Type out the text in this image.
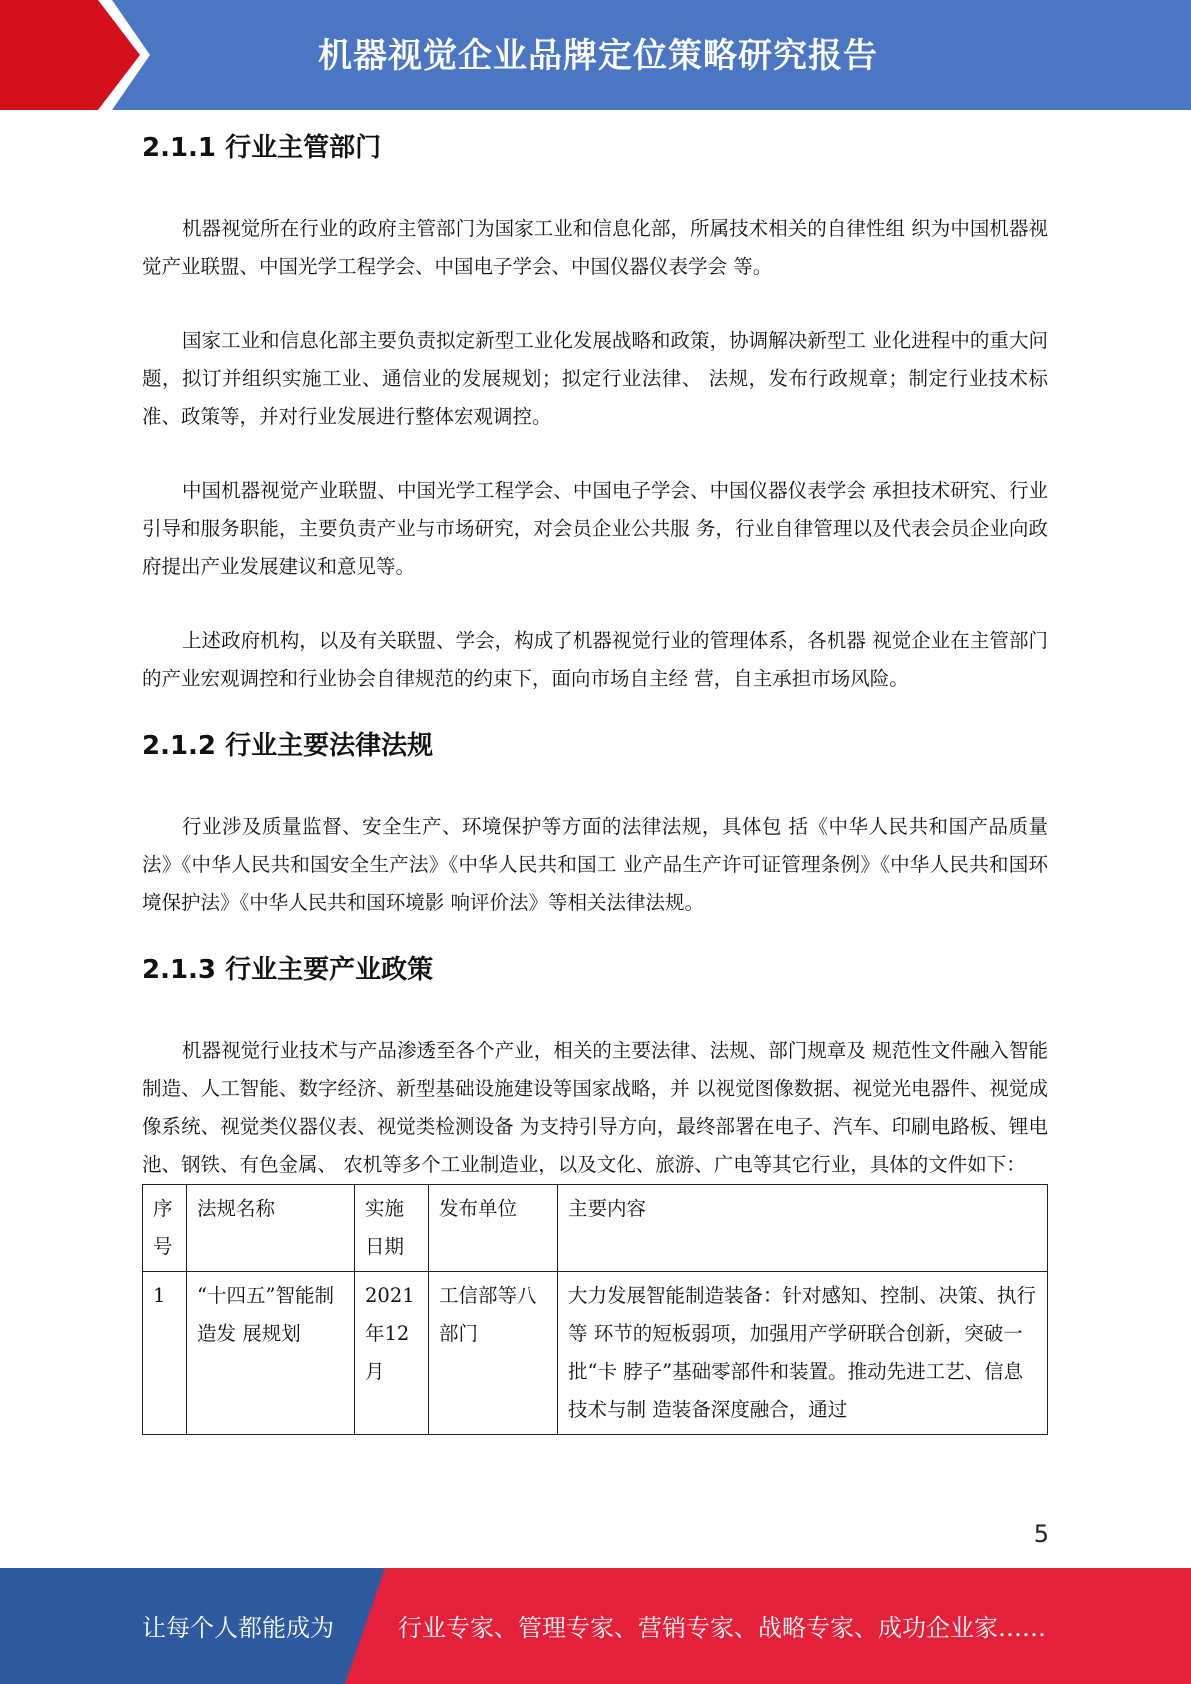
机器视觉企业品牌定位策略研究报告
2.1.1 行业主管部门

机器视觉所在行业的政府主管部门为国家工业和信息化部，所属技术相关的自律性组 织为中国机器视觉产业联盟、中国光学工程学会、中国电子学会、中国仪器仪表学会 等。

国家工业和信息化部主要负责拟定新型工业化发展战略和政策，协调解决新型工 业化进程中的重大问题，拟订并组织实施工业、通信业的发展规划；拟定行业法律、 法规，发布行政规章；制定行业技术标准、政策等，并对行业发展进行整体宏观调控。

中国机器视觉产业联盟、中国光学工程学会、中国电子学会、中国仪器仪表学会 承担技术研究、行业引导和服务职能，主要负责产业与市场研究，对会员企业公共服 务，行业自律管理以及代表会员企业向政府提出产业发展建议和意见等。

上述政府机构，以及有关联盟、学会，构成了机器视觉行业的管理体系，各机器 视觉企业在主管部门的产业宏观调控和行业协会自律规范的约束下，面向市场自主经 营，自主承担市场风险。

2.1.2 行业主要法律法规

行业涉及质量监督、安全生产、环境保护等方面的法律法规，具体包 括《中华人民共和国产品质量法》《中华人民共和国安全生产法》《中华人民共和国工 业产品生产许可证管理条例》《中华人民共和国环境保护法》《中华人民共和国环境影 响评价法》等相关法律法规。

2.1.3 行业主要产业政策

机器视觉行业技术与产品渗透至各个产业，相关的主要法律、法规、部门规章及 规范性文件融入智能制造、人工智能、数字经济、新型基础设施建设等国家战略，并 以视觉图像数据、视觉光电器件、视觉成像系统、视觉类仪器仪表、视觉类检测设备 为支持引导方向，最终部署在电子、汽车、印刷电路板、锂电池、钢铁、有色金属、 农机等多个工业制造业，以及文化、旅游、广电等其它行业，具体的文件如下：

序号	法规名称	实施日期	发布单位	主要内容
1	“十四五”智能制造发 展规划	2021年12月	工信部等八部门	大力发展智能制造装备：针对感知、控制、决策、执行等 环节的短板弱项，加强用产学研联合创新，突破一批“卡 脖子”基础零部件和装置。推动先进工艺、信息技术与制 造装备深度融合，通过
5
让每个人都能成为	行业专家、管理专家、营销专家、战略专家、成功企业家……
